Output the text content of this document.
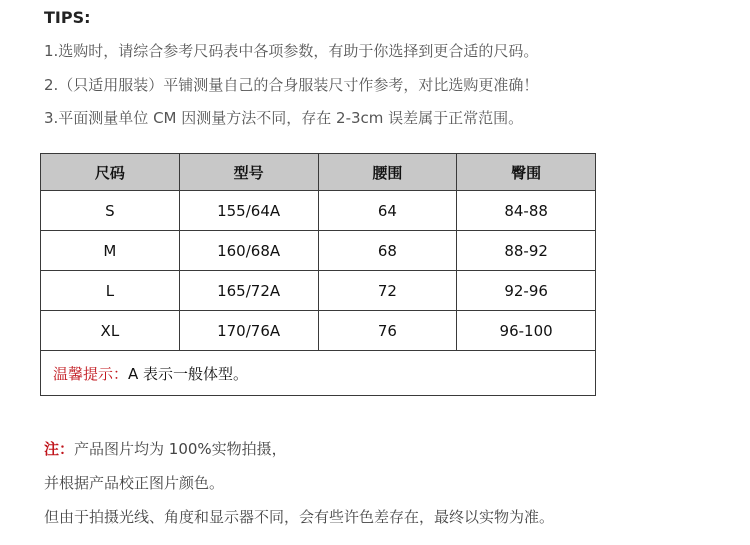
TIPS:
1.选购时，请综合参考尺码表中各项参数，有助于你选择到更合适的尺码。
2.（只适用服装）平铺测量自己的合身服装尺寸作参考，对比选购更准确！
3.平面测量单位 CM 因测量方法不同，存在 2-3cm 误差属于正常范围。
尺码	型号	腰围	臀围
S	155/64A	64	84-88
M	160/68A	68	88-92
L	165/72A	72	92-96
XL	170/76A	76	96-100
温馨提示：A 表示一般体型。			
注：产品图片均为 100%实物拍摄，
并根据产品校正图片颜色。
但由于拍摄光线、角度和显示器不同，会有些许色差存在，最终以实物为准。
